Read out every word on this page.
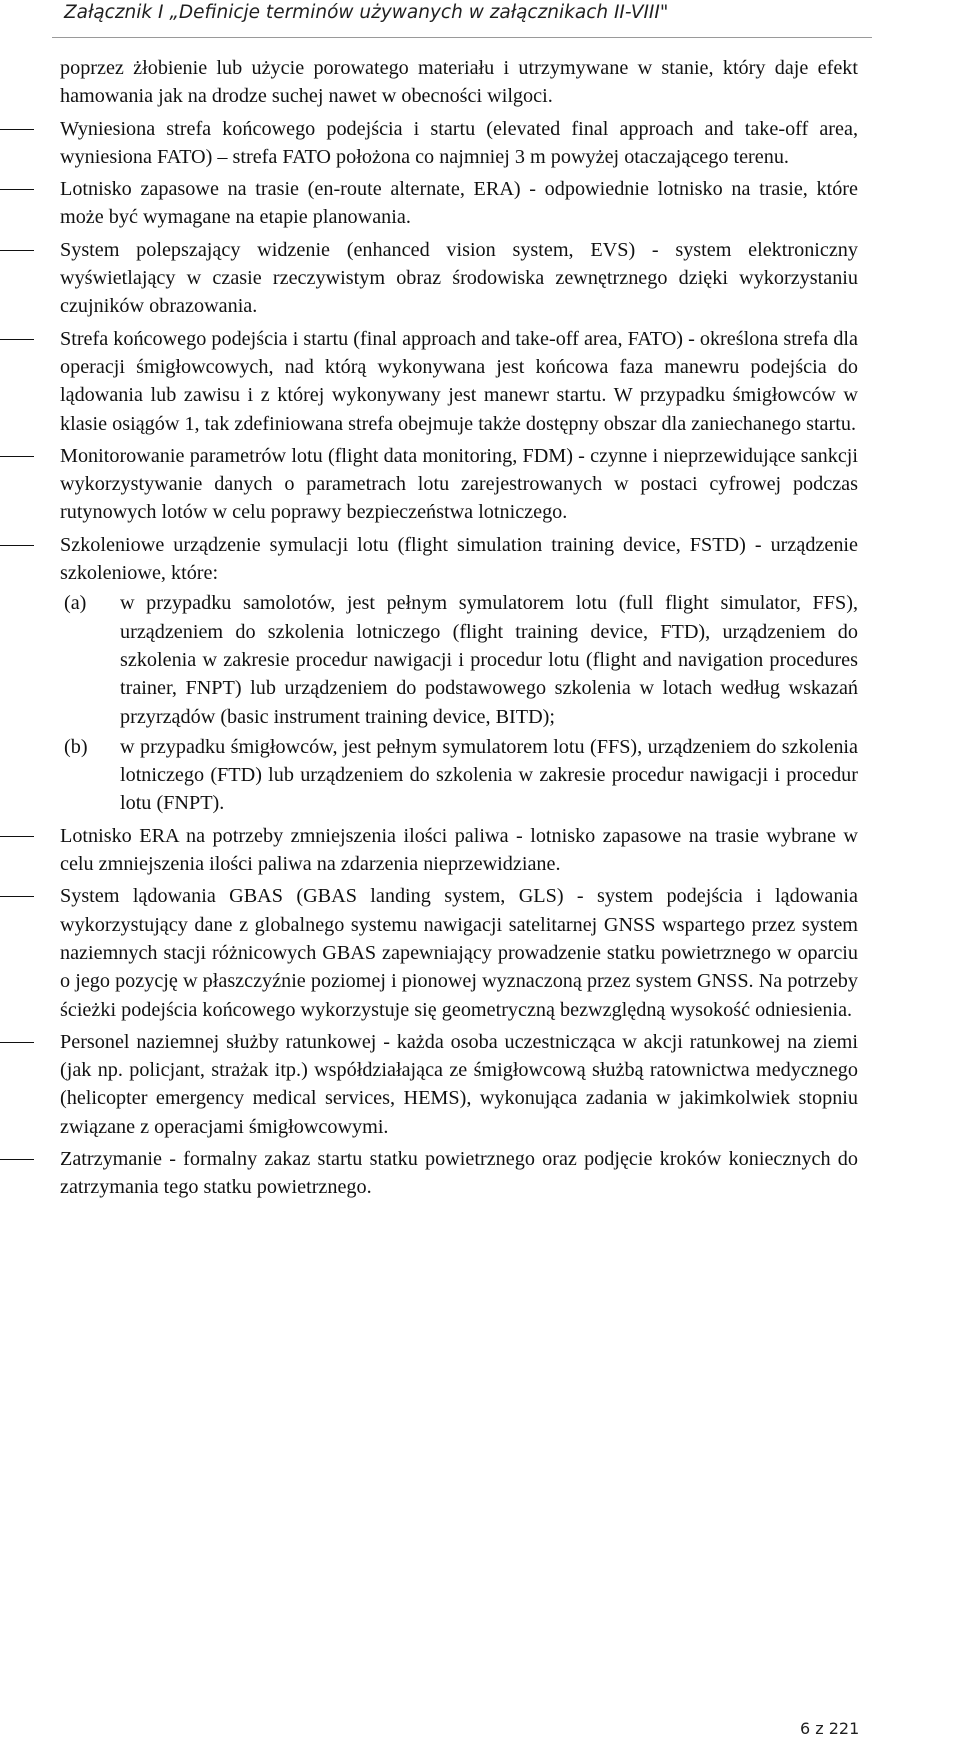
Załącznik I „Definicje terminów używanych w załącznikach II-VIII"

poprzez żłobienie lub użycie porowatego materiału i utrzymywane w stanie, który daje efekt hamowania jak na drodze suchej nawet w obecności wilgoci.

Wyniesiona strefa końcowego podejścia i startu (elevated final approach and take-off area, wyniesiona FATO) – strefa FATO położona co najmniej 3 m powyżej otaczającego terenu.
Lotnisko zapasowe na trasie (en-route alternate, ERA) - odpowiednie lotnisko na trasie, które może być wymagane na etapie planowania.
System polepszający widzenie (enhanced vision system, EVS) - system elektroniczny wyświetlający w czasie rzeczywistym obraz środowiska zewnętrznego dzięki wykorzystaniu czujników obrazowania.
Strefa końcowego podejścia i startu (final approach and take-off area, FATO) - określona strefa dla operacji śmigłowcowych, nad którą wykonywana jest końcowa faza manewru podejścia do lądowania lub zawisu i z której wykonywany jest manewr startu. W przypadku śmigłowców w klasie osiągów 1, tak zdefiniowana strefa obejmuje także dostępny obszar dla zaniechanego startu.
Monitorowanie parametrów lotu (flight data monitoring, FDM) - czynne i nieprzewidujące sankcji wykorzystywanie danych o parametrach lotu zarejestrowanych w postaci cyfrowej podczas rutynowych lotów w celu poprawy bezpieczeństwa lotniczego.
Szkoleniowe urządzenie symulacji lotu (flight simulation training device, FSTD) - urządzenie szkoleniowe, które:
(a) w przypadku samolotów, jest pełnym symulatorem lotu (full flight simulator, FFS), urządzeniem do szkolenia lotniczego (flight training device, FTD), urządzeniem do szkolenia w zakresie procedur nawigacji i procedur lotu (flight and navigation procedures trainer, FNPT) lub urządzeniem do podstawowego szkolenia w lotach według wskazań przyrządów (basic instrument training device, BITD);
(b) w przypadku śmigłowców, jest pełnym symulatorem lotu (FFS), urządzeniem do szkolenia lotniczego (FTD) lub urządzeniem do szkolenia w zakresie procedur nawigacji i procedur lotu (FNPT).
Lotnisko ERA na potrzeby zmniejszenia ilości paliwa - lotnisko zapasowe na trasie wybrane w celu zmniejszenia ilości paliwa na zdarzenia nieprzewidziane.
System lądowania GBAS (GBAS landing system, GLS) - system podejścia i lądowania wykorzystujący dane z globalnego systemu nawigacji satelitarnej GNSS wspartego przez system naziemnych stacji różnicowych GBAS zapewniający prowadzenie statku powietrznego w oparciu o jego pozycję w płaszczyźnie poziomej i pionowej wyznaczoną przez system GNSS. Na potrzeby ścieżki podejścia końcowego wykorzystuje się geometryczną bezwzględną wysokość odniesienia.
Personel naziemnej służby ratunkowej - każda osoba uczestnicząca w akcji ratunkowej na ziemi (jak np. policjant, strażak itp.) współdziałająca ze śmigłowcową służbą ratownictwa medycznego (helicopter emergency medical services, HEMS), wykonująca zadania w jakimkolwiek stopniu związane z operacjami śmigłowcowymi.
Zatrzymanie - formalny zakaz startu statku powietrznego oraz podjęcie kroków koniecznych do zatrzymania tego statku powietrznego.
6 z 221
